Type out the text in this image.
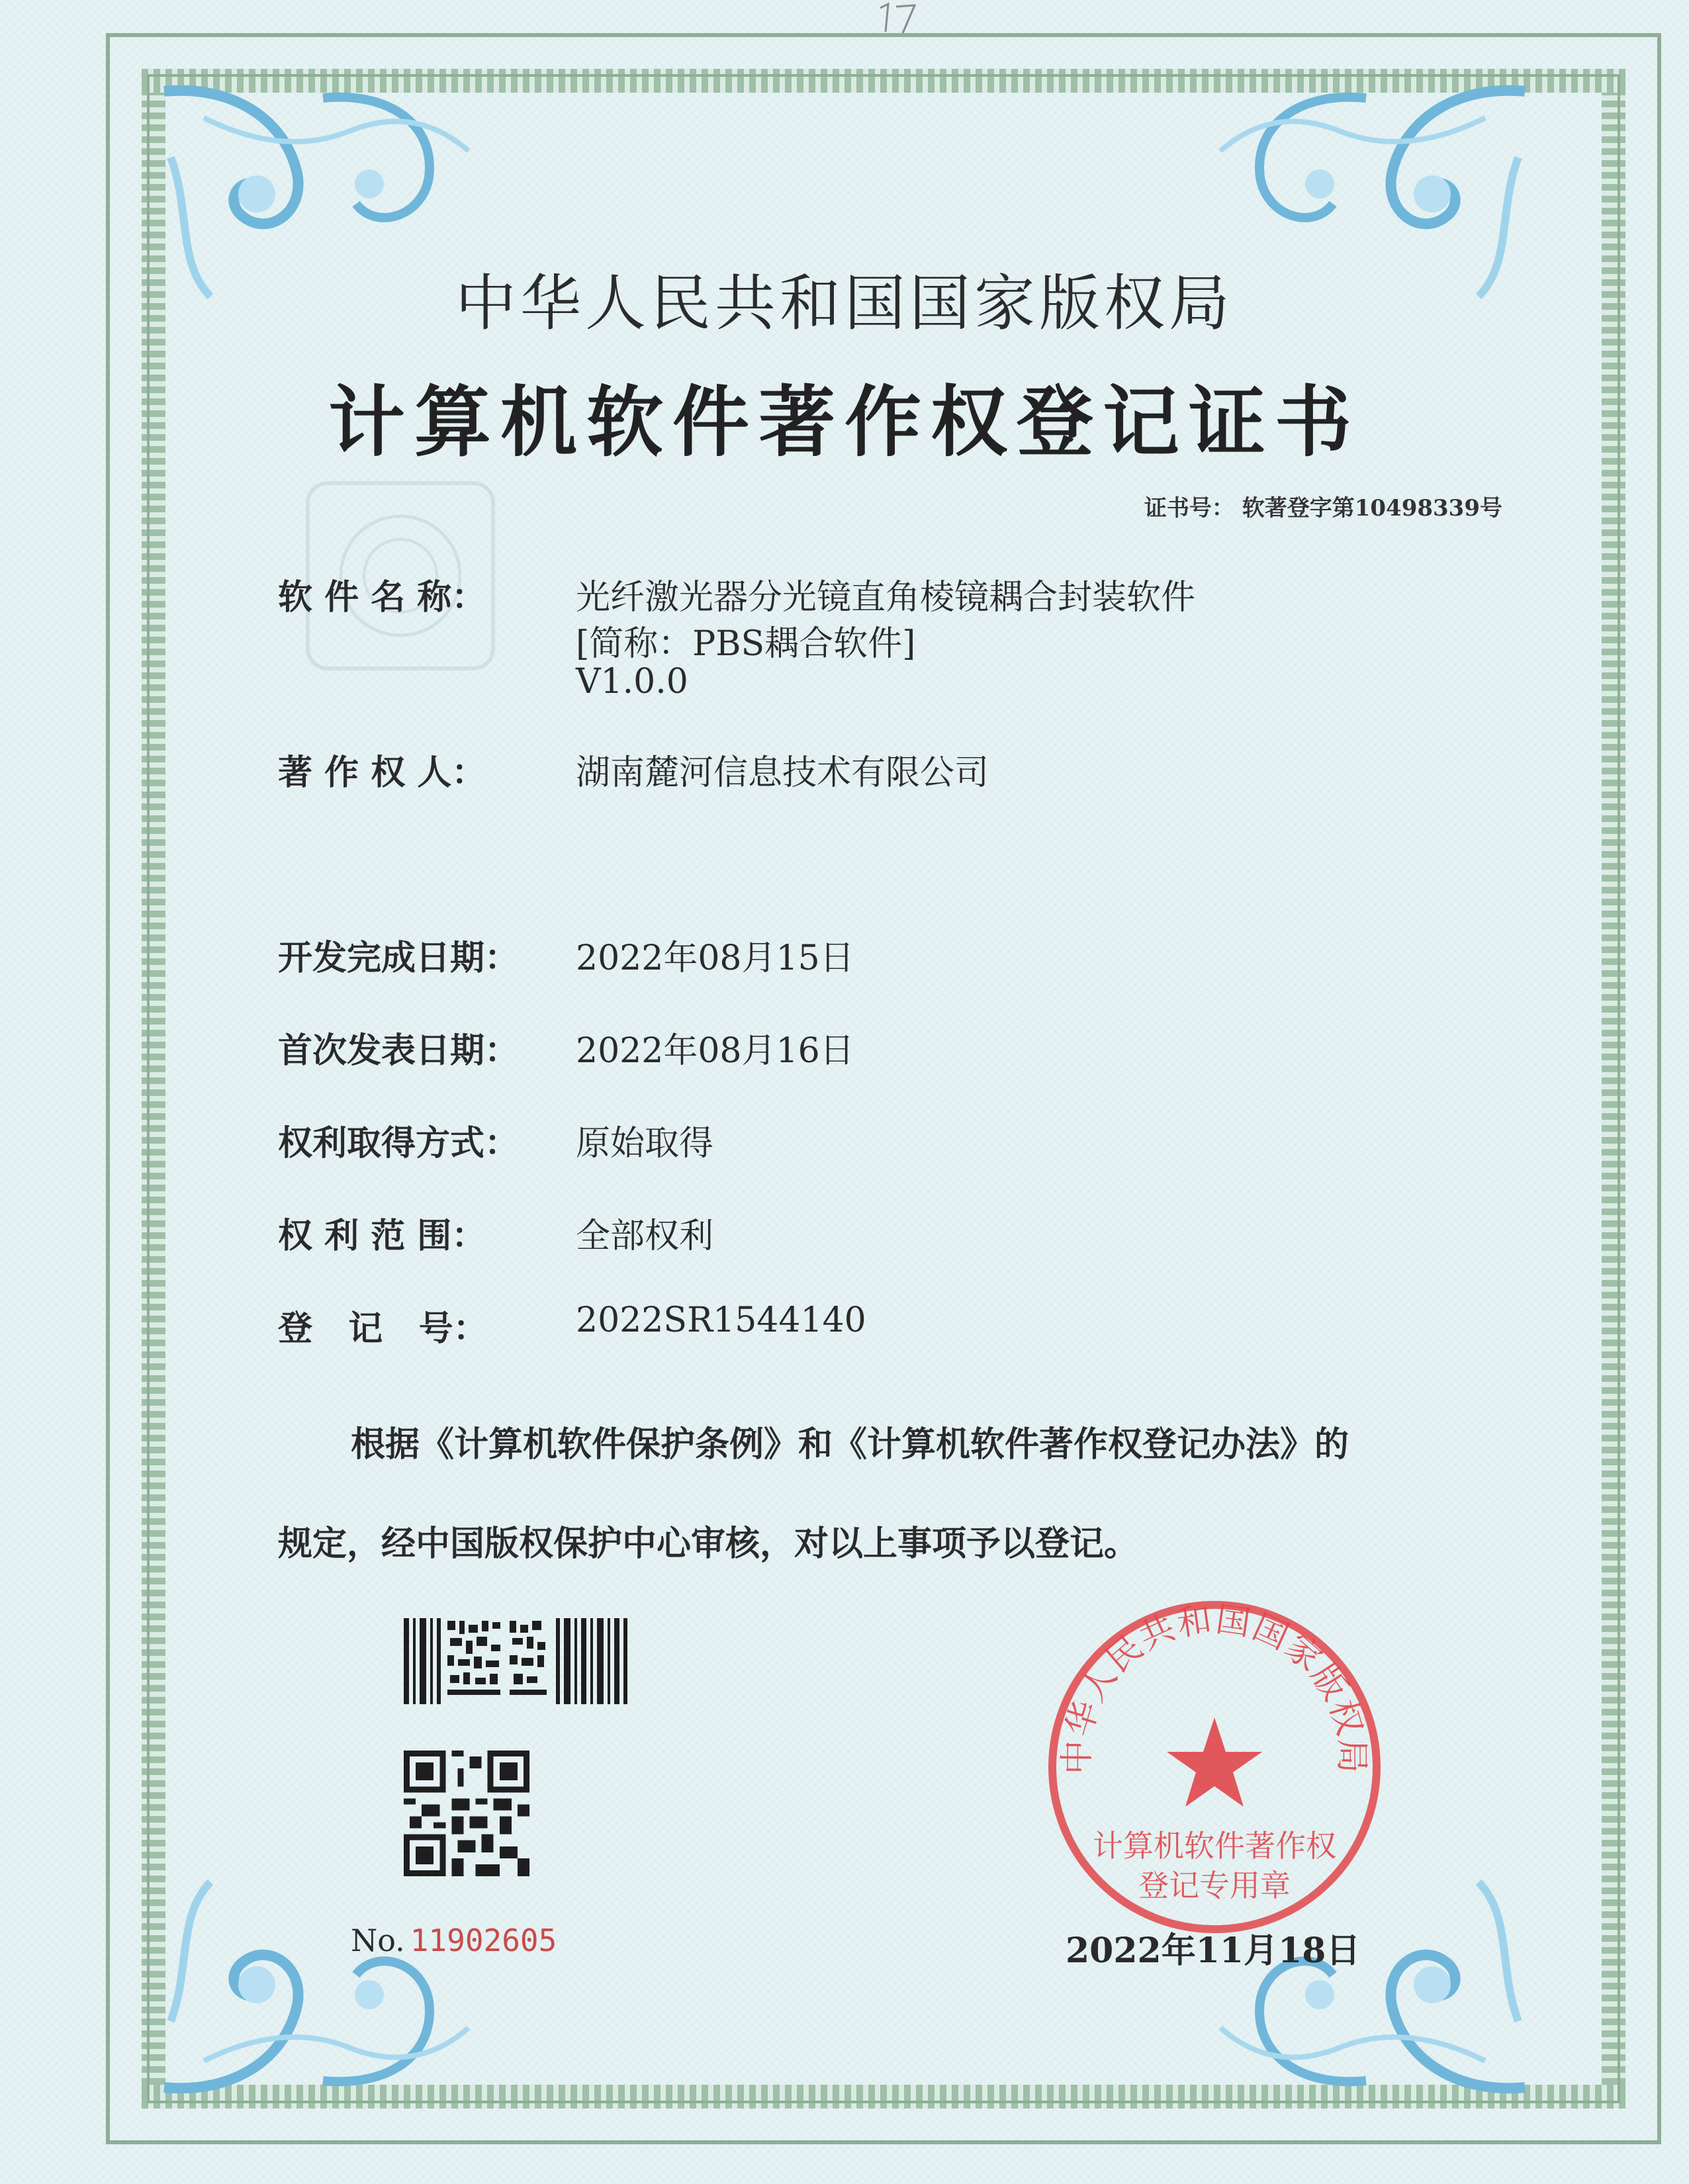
中华人民共和国国家版权局
计算机软件著作权登记证书
证书号： 软著登字第10498339号
软 件 名 称：	光纤激光器分光镜直角棱镜耦合封装软件
[简称：PBS耦合软件]
V1.0.0
著 作 权 人：	湖南麓河信息技术有限公司
开发完成日期：	2022年08月15日
首次发表日期：	2022年08月16日
权利取得方式：	原始取得
权 利 范 围：	全部权利
登   记   号：	2022SR1544140
根据《计算机软件保护条例》和《计算机软件著作权登记办法》的
规定，经中国版权保护中心审核，对以上事项予以登记。
No. 11902605
中华人民共和国国家版权局
计算机软件著作权
登记专用章
2022年11月18日
